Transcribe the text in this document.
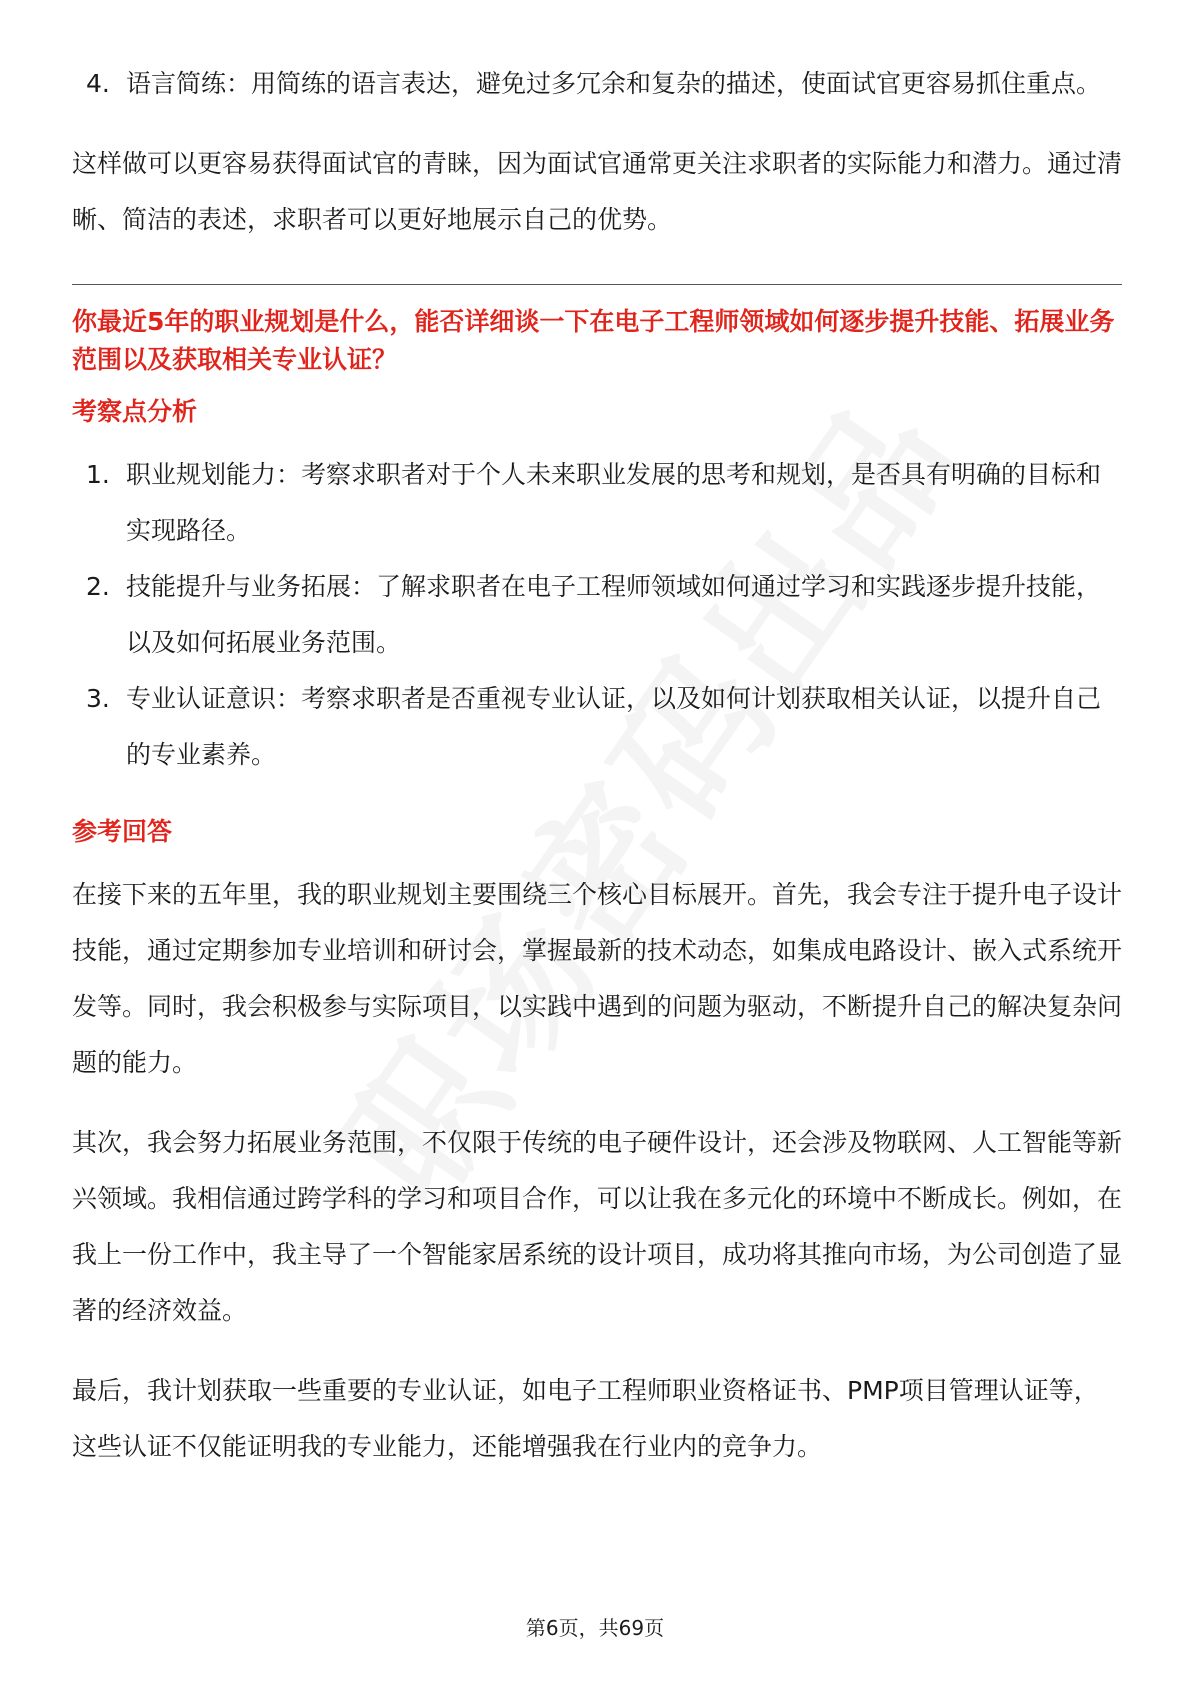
4. 语言简练：用简练的语言表达，避免过多冗余和复杂的描述，使面试官更容易抓住重点。

这样做可以更容易获得面试官的青睐，因为面试官通常更关注求职者的实际能力和潜力。通过清晰、简洁的表述，求职者可以更好地展示自己的优势。

你最近5年的职业规划是什么，能否详细谈一下在电子工程师领域如何逐步提升技能、拓展业务范围以及获取相关专业认证？

考察点分析

1. 职业规划能力：考察求职者对于个人未来职业发展的思考和规划，是否具有明确的目标和实现路径。
2. 技能提升与业务拓展：了解求职者在电子工程师领域如何通过学习和实践逐步提升技能，以及如何拓展业务范围。
3. 专业认证意识：考察求职者是否重视专业认证，以及如何计划获取相关认证，以提升自己的专业素养。

参考回答

在接下来的五年里，我的职业规划主要围绕三个核心目标展开。首先，我会专注于提升电子设计技能，通过定期参加专业培训和研讨会，掌握最新的技术动态，如集成电路设计、嵌入式系统开发等。同时，我会积极参与实际项目，以实践中遇到的问题为驱动，不断提升自己的解决复杂问题的能力。

其次，我会努力拓展业务范围，不仅限于传统的电子硬件设计，还会涉及物联网、人工智能等新兴领域。我相信通过跨学科的学习和项目合作，可以让我在多元化的环境中不断成长。例如，在我上一份工作中，我主导了一个智能家居系统的设计项目，成功将其推向市场，为公司创造了显著的经济效益。

最后，我计划获取一些重要的专业认证，如电子工程师职业资格证书、PMP项目管理认证等，这些认证不仅能证明我的专业能力，还能增强我在行业内的竞争力。

第6页，共69页
